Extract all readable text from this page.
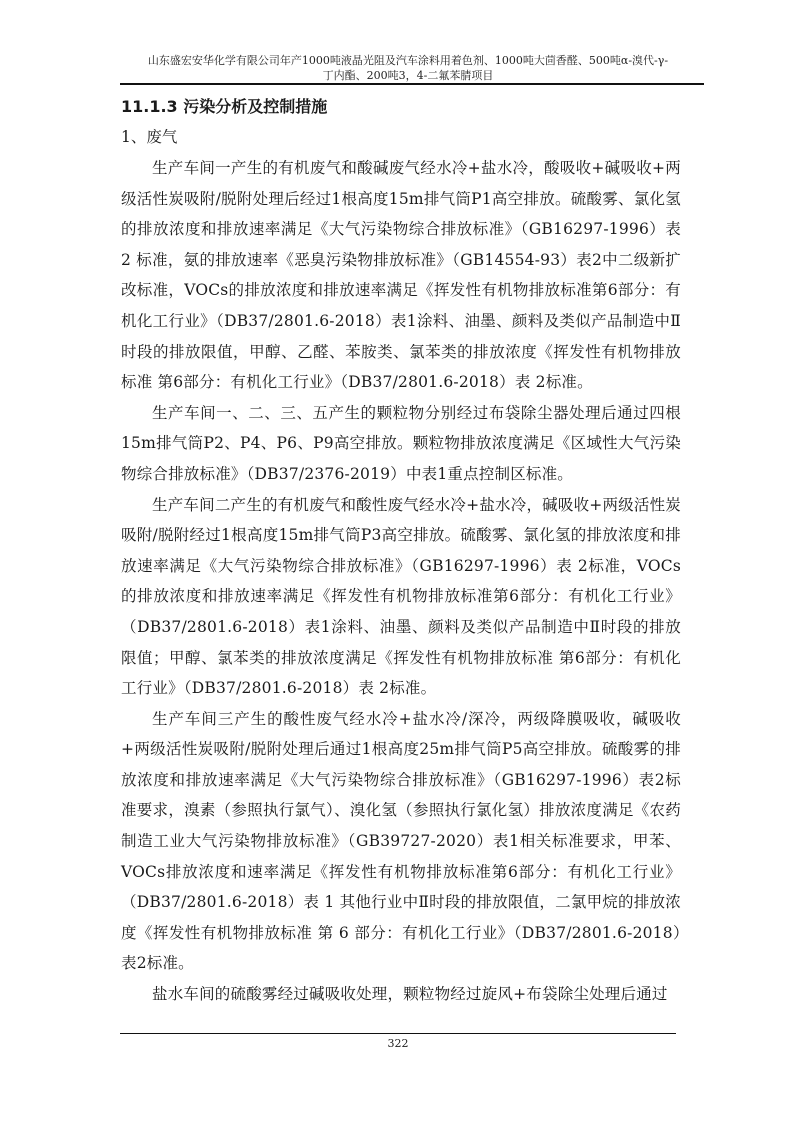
山东盛宏安华化学有限公司年产1000吨液晶光阻及汽车涂料用着色剂、1000吨大茴香醛、500吨α-溴代-γ-
丁内酯、200吨3，4-二氟苯腈项目
11.1.3 污染分析及控制措施

1、废气

生产车间一产生的有机废气和酸碱废气经水冷+盐水冷，酸吸收+碱吸收+两级活性炭吸附/脱附处理后经过1根高度15m排气筒P1高空排放。硫酸雾、氯化氢的排放浓度和排放速率满足《大气污染物综合排放标准》（GB16297-1996）表 2 标准，氨的排放速率《恶臭污染物排放标准》（GB14554-93）表2中二级新扩改标准，VOCs的排放浓度和排放速率满足《挥发性有机物排放标准第6部分：有机化工行业》（DB37/2801.6-2018）表1涂料、油墨、颜料及类似产品制造中Ⅱ时段的排放限值，甲醇、乙醛、苯胺类、氯苯类的排放浓度《挥发性有机物排放标准 第6部分：有机化工行业》（DB37/2801.6-2018）表 2标准。

生产车间一、二、三、五产生的颗粒物分别经过布袋除尘器处理后通过四根15m排气筒P2、P4、P6、P9高空排放。颗粒物排放浓度满足《区域性大气污染物综合排放标准》（DB37/2376-2019）中表1重点控制区标准。

生产车间二产生的有机废气和酸性废气经水冷+盐水冷，碱吸收+两级活性炭吸附/脱附经过1根高度15m排气筒P3高空排放。硫酸雾、氯化氢的排放浓度和排放速率满足《大气污染物综合排放标准》（GB16297-1996）表 2标准，VOCs的排放浓度和排放速率满足《挥发性有机物排放标准第6部分：有机化工行业》（DB37/2801.6-2018）表1涂料、油墨、颜料及类似产品制造中Ⅱ时段的排放限值；甲醇、氯苯类的排放浓度满足《挥发性有机物排放标准 第6部分：有机化工行业》（DB37/2801.6-2018）表 2标准。

生产车间三产生的酸性废气经水冷+盐水冷/深冷，两级降膜吸收，碱吸收+两级活性炭吸附/脱附处理后通过1根高度25m排气筒P5高空排放。硫酸雾的排放浓度和排放速率满足《大气污染物综合排放标准》（GB16297-1996）表2标准要求，溴素（参照执行氯气）、溴化氢（参照执行氯化氢）排放浓度满足《农药制造工业大气污染物排放标准》（GB39727-2020）表1相关标准要求，甲苯、VOCs排放浓度和速率满足《挥发性有机物排放标准第6部分：有机化工行业》（DB37/2801.6-2018）表 1 其他行业中Ⅱ时段的排放限值，二氯甲烷的排放浓度《挥发性有机物排放标准 第 6 部分：有机化工行业》（DB37/2801.6-2018）表2标准。

盐水车间的硫酸雾经过碱吸收处理，颗粒物经过旋风+布袋除尘处理后通过

322
